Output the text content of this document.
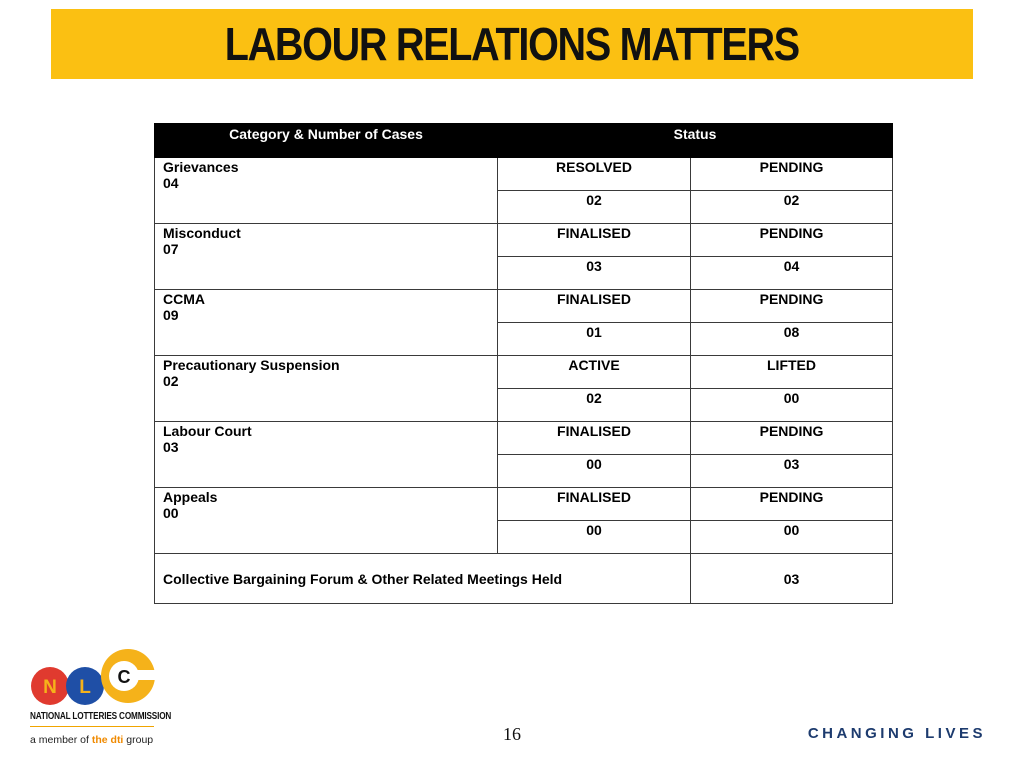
LABOUR RELATIONS MATTERS
Category & Number of Cases	Status	

Grievances
04	RESOLVED	PENDING
	02	02

Misconduct
07	FINALISED	PENDING
	03	04

CCMA
09	FINALISED	PENDING
	01	08

Precautionary Suspension
02	ACTIVE	LIFTED
	02	00

Labour Court
03	FINALISED	PENDING
	00	03

Appeals
00	FINALISED	PENDING
	00	00
Collective Bargaining Forum & Other Related Meetings Held		03
N L C
NATIONAL LOTTERIES COMMISSION
a member of the dti group	16	CHANGING LIVES
